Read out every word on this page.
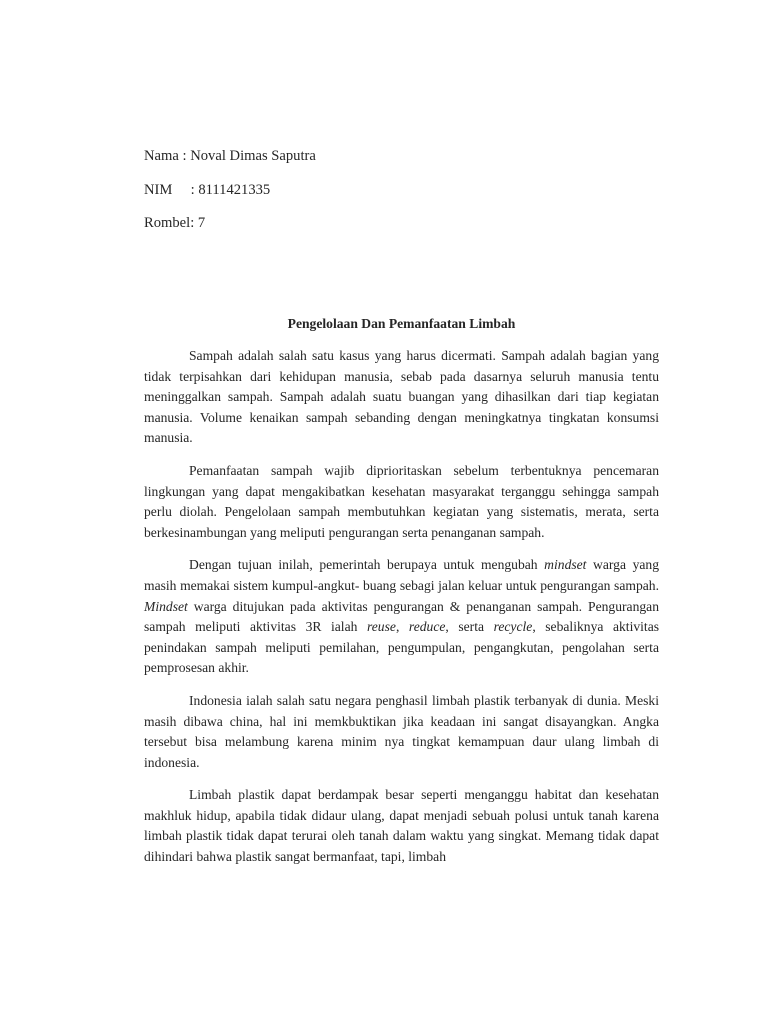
Nama : Noval Dimas Saputra
NIM     : 8111421335
Rombel: 7
Pengelolaan Dan Pemanfaatan Limbah

Sampah adalah salah satu kasus yang harus dicermati. Sampah adalah bagian yang tidak terpisahkan dari kehidupan manusia, sebab pada dasarnya seluruh manusia tentu meninggalkan sampah. Sampah adalah suatu buangan yang dihasilkan dari tiap kegiatan manusia. Volume kenaikan sampah sebanding dengan meningkatnya tingkatan konsumsi manusia.

Pemanfaatan sampah wajib diprioritaskan sebelum terbentuknya pencemaran lingkungan yang dapat mengakibatkan kesehatan masyarakat terganggu sehingga sampah perlu diolah. Pengelolaan sampah membutuhkan kegiatan yang sistematis, merata, serta berkesinambungan yang meliputi pengurangan serta penanganan sampah.

Dengan tujuan inilah, pemerintah berupaya untuk mengubah mindset warga yang masih memakai sistem kumpul-angkut- buang sebagi jalan keluar untuk pengurangan sampah. Mindset warga ditujukan pada aktivitas pengurangan & penanganan sampah. Pengurangan sampah meliputi aktivitas 3R ialah reuse, reduce, serta recycle, sebaliknya aktivitas penindakan sampah meliputi pemilahan, pengumpulan, pengangkutan, pengolahan serta pemprosesan akhir.

Indonesia ialah salah satu negara penghasil limbah plastik terbanyak di dunia. Meski masih dibawa china, hal ini memkbuktikan jika keadaan ini sangat disayangkan. Angka tersebut bisa melambung karena minim nya tingkat kemampuan daur ulang limbah di indonesia.

Limbah plastik dapat berdampak besar seperti menganggu habitat dan kesehatan makhluk hidup, apabila tidak didaur ulang, dapat menjadi sebuah polusi untuk tanah karena limbah plastik tidak dapat terurai oleh tanah dalam waktu yang singkat. Memang tidak dapat dihindari bahwa plastik sangat bermanfaat, tapi, limbah
